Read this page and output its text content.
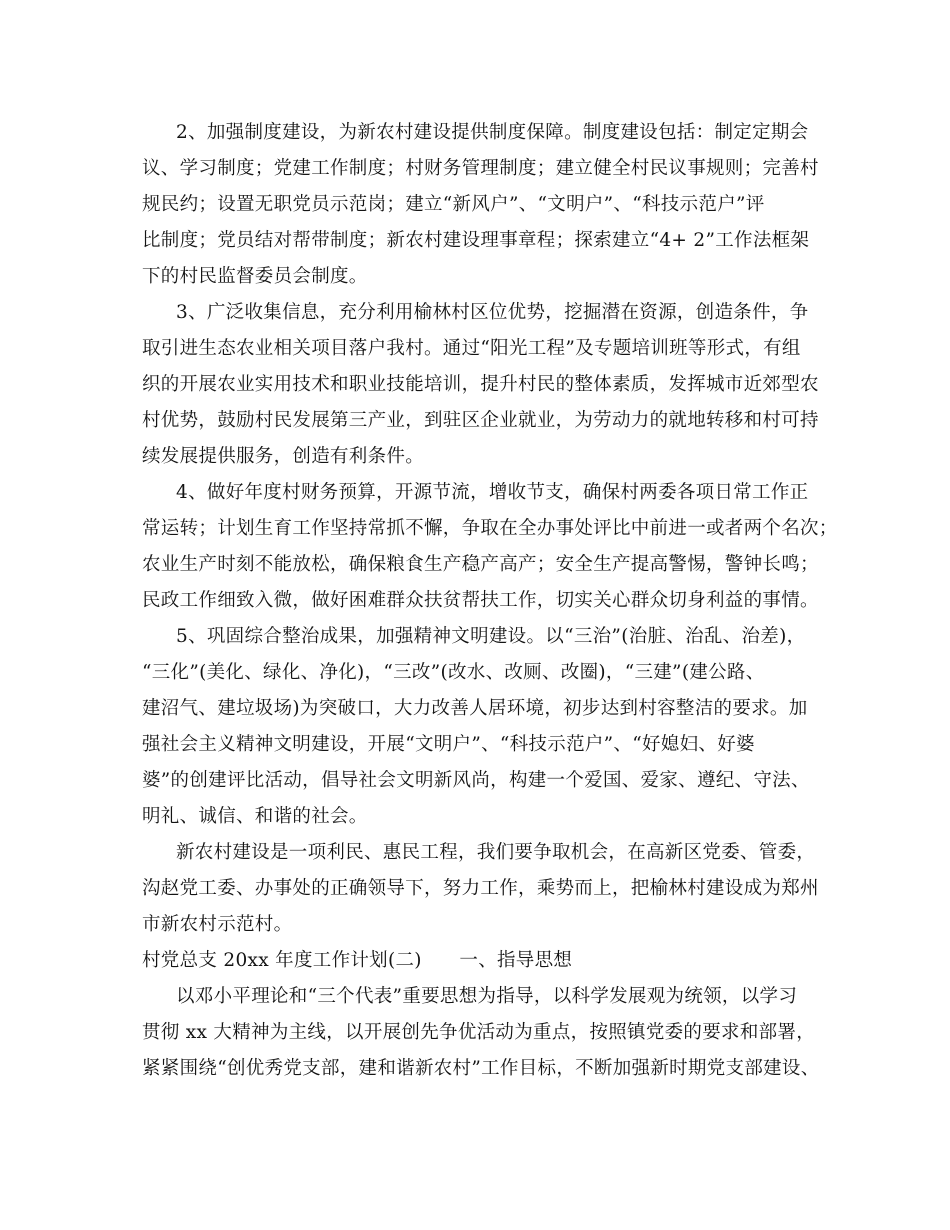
2、加强制度建设，为新农村建设提供制度保障。制度建设包括：制定定期会
议、学习制度；党建工作制度；村财务管理制度；建立健全村民议事规则；完善村
规民约；设置无职党员示范岗；建立“新风户”、“文明户”、“科技示范户”评
比制度；党员结对帮带制度；新农村建设理事章程；探索建立“4+ 2”工作法框架
下的村民监督委员会制度。
3、广泛收集信息，充分利用榆林村区位优势，挖掘潜在资源，创造条件，争
取引进生态农业相关项目落户我村。通过“阳光工程”及专题培训班等形式，有组
织的开展农业实用技术和职业技能培训，提升村民的整体素质，发挥城市近郊型农
村优势，鼓励村民发展第三产业，到驻区企业就业，为劳动力的就地转移和村可持
续发展提供服务，创造有利条件。
4、做好年度村财务预算，开源节流，增收节支，确保村两委各项日常工作正
常运转；计划生育工作坚持常抓不懈，争取在全办事处评比中前进一或者两个名次；
农业生产时刻不能放松，确保粮食生产稳产高产；安全生产提高警惕，警钟长鸣；
民政工作细致入微，做好困难群众扶贫帮扶工作，切实关心群众切身利益的事情。
5、巩固综合整治成果，加强精神文明建设。以“三治”(治脏、治乱、治差)，
“三化”(美化、绿化、净化)，“三改”(改水、改厕、改圈)，“三建”(建公路、
建沼气、建垃圾场)为突破口，大力改善人居环境，初步达到村容整洁的要求。加
强社会主义精神文明建设，开展“文明户”、“科技示范户”、“好媳妇、好婆
婆”的创建评比活动，倡导社会文明新风尚，构建一个爱国、爱家、遵纪、守法、
明礼、诚信、和谐的社会。
新农村建设是一项利民、惠民工程，我们要争取机会，在高新区党委、管委，
沟赵党工委、办事处的正确领导下，努力工作，乘势而上，把榆林村建设成为郑州
市新农村示范村。
村党总支 20xx 年度工作计划(二)　　一、指导思想
以邓小平理论和“三个代表”重要思想为指导，以科学发展观为统领，以学习
贯彻 xx 大精神为主线，以开展创先争优活动为重点，按照镇党委的要求和部署，
紧紧围绕“创优秀党支部，建和谐新农村”工作目标，不断加强新时期党支部建设、
